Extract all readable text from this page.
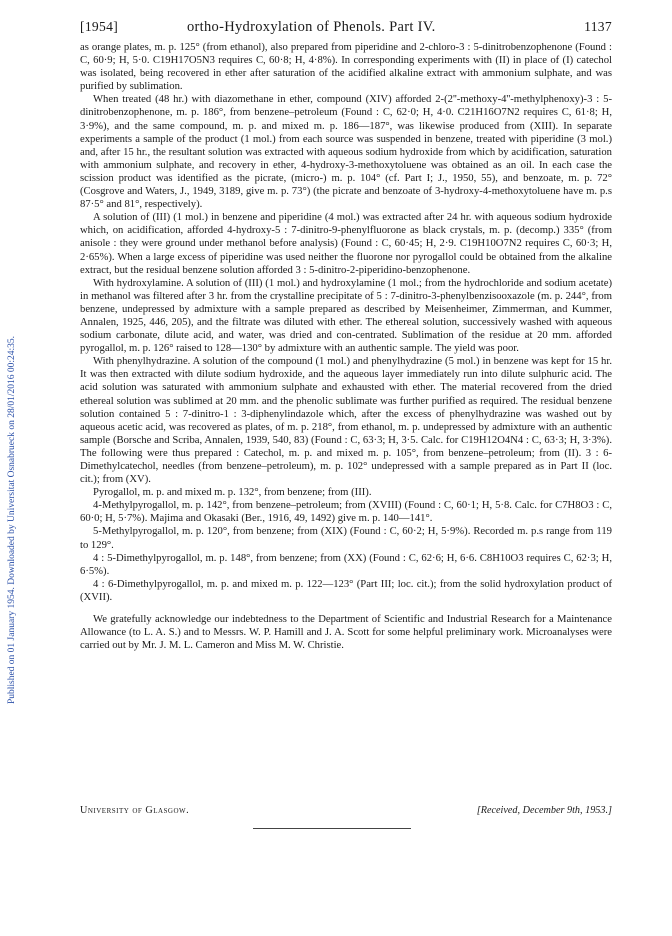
[1954]	ortho-Hydroxylation of Phenols. Part IV.	1137
Published on 01 January 1954. Downloaded by Universitat Osnabrueck on 28/01/2016 00:24:35.

as orange plates, m. p. 125° (from ethanol), also prepared from piperidine and 2-chloro-3 : 5-dinitrobenzophenone (Found : C, 60·9; H, 5·0. C19H17O5N3 requires C, 60·8; H, 4·8%). In corresponding experiments with (II) in place of (I) catechol was isolated, being recovered in ether after saturation of the acidified alkaline extract with ammonium sulphate, and was purified by sublimation.

When treated (48 hr.) with diazomethane in ether, compound (XIV) afforded 2-(2''-methoxy-4''-methylphenoxy)-3 : 5-dinitrobenzophenone, m. p. 186°, from benzene–petroleum (Found : C, 62·0; H, 4·0. C21H16O7N2 requires C, 61·8; H, 3·9%), and the same compound, m. p. and mixed m. p. 186—187°, was likewise produced from (XIII). In separate experiments a sample of the product (1 mol.) from each source was suspended in benzene, treated with piperidine (3 mol.) and, after 15 hr., the resultant solution was extracted with aqueous sodium hydroxide from which by acidification, saturation with ammonium sulphate, and recovery in ether, 4-hydroxy-3-methoxytoluene was obtained as an oil. In each case the scission product was identified as the picrate, (micro-) m. p. 104° (cf. Part I; J., 1950, 55), and benzoate, m. p. 72° (Cosgrove and Waters, J., 1949, 3189, give m. p. 73°) (the picrate and benzoate of 3-hydroxy-4-methoxytoluene have m. p.s 87·5° and 81°, respectively).

A solution of (III) (1 mol.) in benzene and piperidine (4 mol.) was extracted after 24 hr. with aqueous sodium hydroxide which, on acidification, afforded 4-hydroxy-5 : 7-dinitro-9-phenylfluorone as black crystals, m. p. (decomp.) 335° (from anisole : they were ground under methanol before analysis) (Found : C, 60·45; H, 2·9. C19H10O7N2 requires C, 60·3; H, 2·65%). When a large excess of piperidine was used neither the fluorone nor pyrogallol could be obtained from the alkaline extract, but the residual benzene solution afforded 3 : 5-dinitro-2-piperidino-benzophenone.

With hydroxylamine. A solution of (III) (1 mol.) and hydroxylamine (1 mol.; from the hydrochloride and sodium acetate) in methanol was filtered after 3 hr. from the crystalline precipitate of 5 : 7-dinitro-3-phenylbenzisooxazole (m. p. 244°, from benzene, undepressed by admixture with a sample prepared as described by Meisenheimer, Zimmerman, and Kummer, Annalen, 1925, 446, 205), and the filtrate was diluted with ether. The ethereal solution, successively washed with aqueous sodium carbonate, dilute acid, and water, was dried and con-centrated. Sublimation of the residue at 20 mm. afforded pyrogallol, m. p. 126° raised to 128—130° by admixture with an authentic sample. The yield was poor.

With phenylhydrazine. A solution of the compound (1 mol.) and phenylhydrazine (5 mol.) in benzene was kept for 15 hr. It was then extracted with dilute sodium hydroxide, and the aqueous layer immediately run into dilute sulphuric acid. The acid solution was saturated with ammonium sulphate and exhausted with ether. The material recovered from the dried ethereal solution was sublimed at 20 mm. and the phenolic sublimate was further purified as required. The residual benzene solution contained 5 : 7-dinitro-1 : 3-diphenylindazole which, after the excess of phenylhydrazine was washed out by aqueous acetic acid, was recovered as plates, of m. p. 218°, from ethanol, m. p. undepressed by admixture with an authentic sample (Borsche and Scriba, Annalen, 1939, 540, 83) (Found : C, 63·3; H, 3·5. Calc. for C19H12O4N4 : C, 63·3; H, 3·3%). The following were thus prepared : Catechol, m. p. and mixed m. p. 105°, from benzene–petroleum; from (II). 3 : 6-Dimethylcatechol, needles (from benzene–petroleum), m. p. 102° undepressed with a sample prepared as in Part II (loc. cit.); from (XV).

Pyrogallol, m. p. and mixed m. p. 132°, from benzene; from (III).

4-Methylpyrogallol, m. p. 142°, from benzene–petroleum; from (XVIII) (Found : C, 60·1; H, 5·8. Calc. for C7H8O3 : C, 60·0; H, 5·7%). Majima and Okasaki (Ber., 1916, 49, 1492) give m. p. 140—141°.

5-Methylpyrogallol, m. p. 120°, from benzene; from (XIX) (Found : C, 60·2; H, 5·9%). Recorded m. p.s range from 119 to 129°.

4 : 5-Dimethylpyrogallol, m. p. 148°, from benzene; from (XX) (Found : C, 62·6; H, 6·6. C8H10O3 requires C, 62·3; H, 6·5%).

4 : 6-Dimethylpyrogallol, m. p. and mixed m. p. 122—123° (Part III; loc. cit.); from the solid hydroxylation product of (XVII).

We gratefully acknowledge our indebtedness to the Department of Scientific and Industrial Research for a Maintenance Allowance (to L. A. S.) and to Messrs. W. P. Hamill and J. A. Scott for some helpful preliminary work. Microanalyses were carried out by Mr. J. M. L. Cameron and Miss M. W. Christie.

University of Glasgow.	[Received, December 9th, 1953.]
